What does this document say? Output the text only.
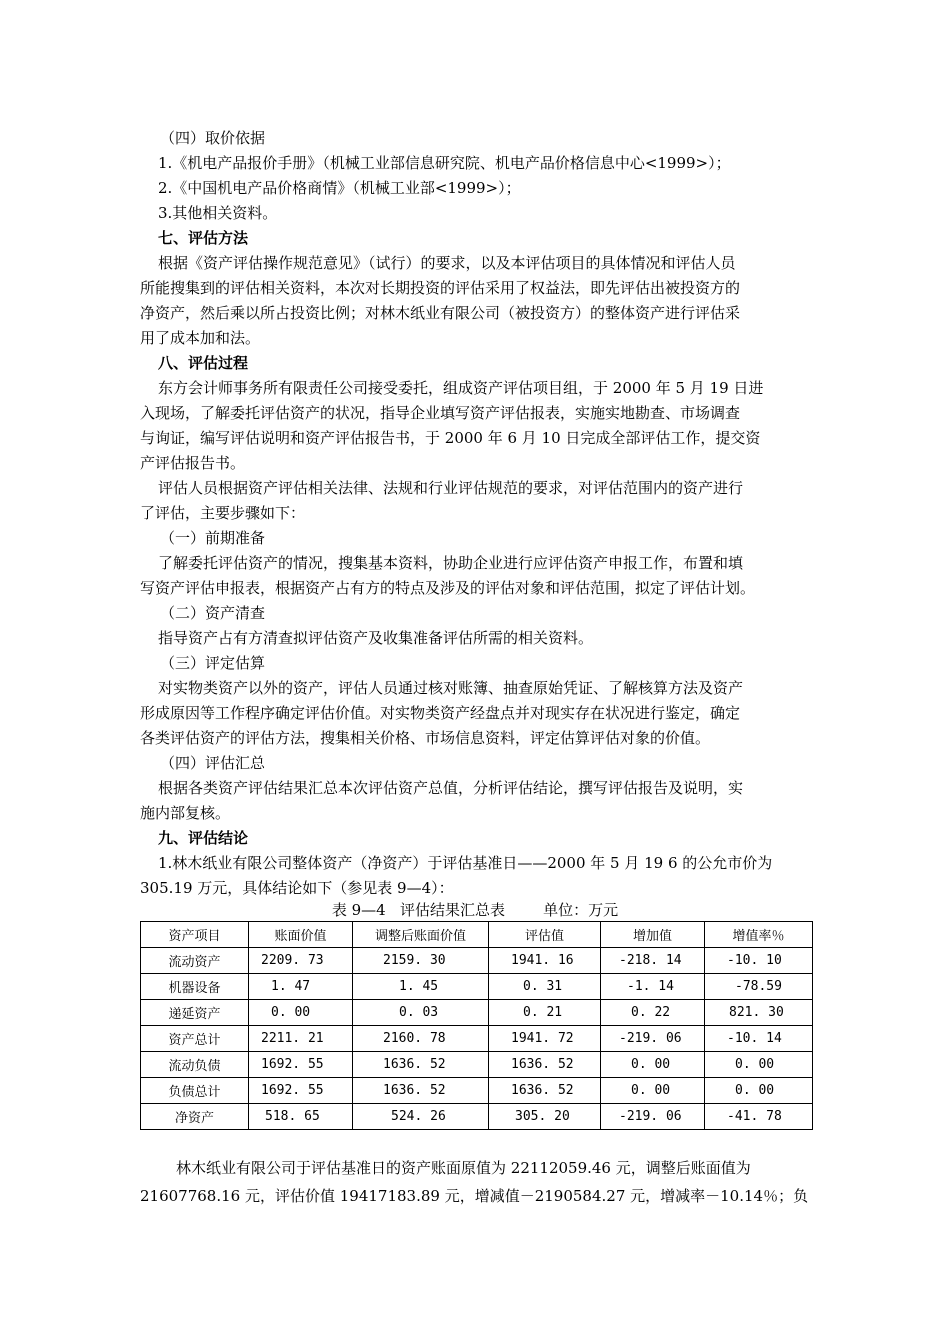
（四）取价依据
1.《机电产品报价手册》（机械工业部信息研究院、机电产品价格信息中心<1999>）；
2.《中国机电产品价格商情》（机械工业部<1999>）；
3.其他相关资料。
七、评估方法
根据《资产评估操作规范意见》（试行）的要求，以及本评估项目的具体情况和评估人员
所能搜集到的评估相关资料，本次对长期投资的评估采用了权益法，即先评估出被投资方的
净资产，然后乘以所占投资比例；对林木纸业有限公司（被投资方）的整体资产进行评估采
用了成本加和法。
八、评估过程
东方会计师事务所有限责任公司接受委托，组成资产评估项目组，于 2000 年 5 月 19 日进
入现场，了解委托评估资产的状况，指导企业填写资产评估报表，实施实地勘查、市场调查
与询证，编写评估说明和资产评估报告书，于 2000 年 6 月 10 日完成全部评估工作，提交资
产评估报告书。
评估人员根据资产评估相关法律、法规和行业评估规范的要求，对评估范围内的资产进行
了评估，主要步骤如下：
（一）前期准备
了解委托评估资产的情况，搜集基本资料，协助企业进行应评估资产申报工作，布置和填
写资产评估申报表，根据资产占有方的特点及涉及的评估对象和评估范围，拟定了评估计划。
（二）资产清查
指导资产占有方清查拟评估资产及收集准备评估所需的相关资料。
（三）评定估算
对实物类资产以外的资产，评估人员通过核对账簿、抽查原始凭证、了解核算方法及资产
形成原因等工作程序确定评估价值。对实物类资产经盘点并对现实存在状况进行鉴定，确定
各类评估资产的评估方法，搜集相关价格、市场信息资料，评定估算评估对象的价值。
（四）评估汇总
根据各类资产评估结果汇总本次评估资产总值，分析评估结论，撰写评估报告及说明，实
施内部复核。
九、评估结论
1.林木纸业有限公司整体资产（净资产）于评估基准日——2000 年 5 月 19 6 的公允市价为
305.19 万元，具体结论如下（参见表 9—4）：
表 9—4   评估结果汇总表        单位：万元
资产项目	账面价值	调整后账面价值	评估值	增加值	增值率％
流动资产	2209. 73	2159. 30	1941. 16	-218. 14	-10. 10
机器设备	1. 47	1. 45	0. 31	-1. 14	-78.59
递延资产	0. 00	0. 03	0. 21	0. 22	821. 30
资产总计	2211. 21	2160. 78	1941. 72	-219. 06	-10. 14
流动负债	1692. 55	1636. 52	1636. 52	0. 00	0. 00
负债总计	1692. 55	1636. 52	1636. 52	0. 00	0. 00
净资产	518. 65	524. 26	305. 20	-219. 06	-41. 78
林木纸业有限公司于评估基准日的资产账面原值为 22112059.46 元，调整后账面值为
21607768.16 元，评估价值 19417183.89 元，增减值－2190584.27 元，增减率－10.14％；负
